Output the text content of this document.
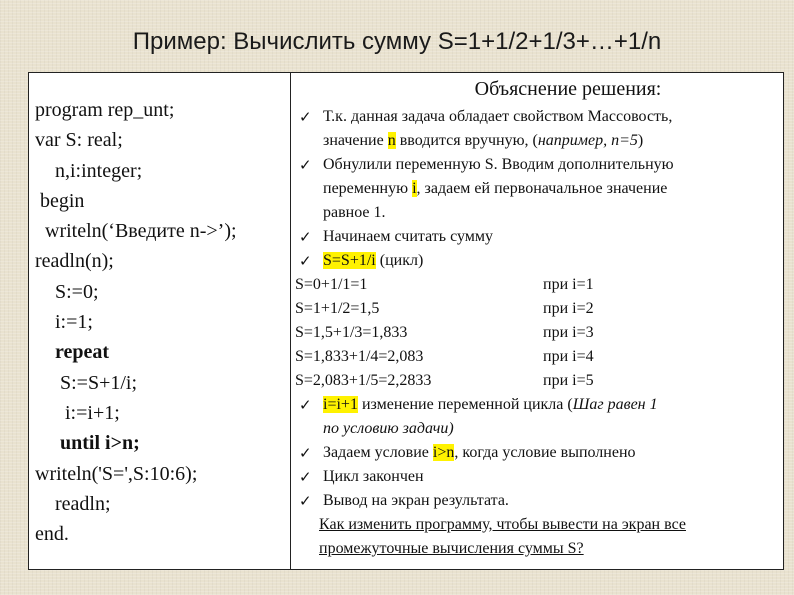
Пример: Вычислить сумму S=1+1/2+1/3+…+1/n
program rep_unt;
var S: real;
n,i:integer;
begin
writeln(‘Введите n->’);
readln(n);
S:=0;
i:=1;
repeat
S:=S+1/i;
i:=i+1;
until i>n;
writeln('S=',S:10:6);
readln;
end.
Объяснение решения:
✓ Т.к. данная задача обладает свойством Массовость,
значение n вводится вручную, (например, n=5)
✓ Обнулили переменную S. Вводим дополнительную
переменную i, задаем ей первоначальное значение
равное 1.
✓ Начинаем считать сумму
✓ S=S+1/i (цикл)
S=0+1/1=1	при i=1
S=1+1/2=1,5	при i=2
S=1,5+1/3=1,833	при i=3
S=1,833+1/4=2,083	при i=4
S=2,083+1/5=2,2833	при i=5
✓ i=i+1 изменение переменной цикла (Шаг равен 1
по условию задачи)
✓ Задаем условие i>n, когда условие выполнено
✓ Цикл закончен
✓ Вывод на экран результата.
Как изменить программу, чтобы вывести на экран все
промежуточные вычисления суммы S?
